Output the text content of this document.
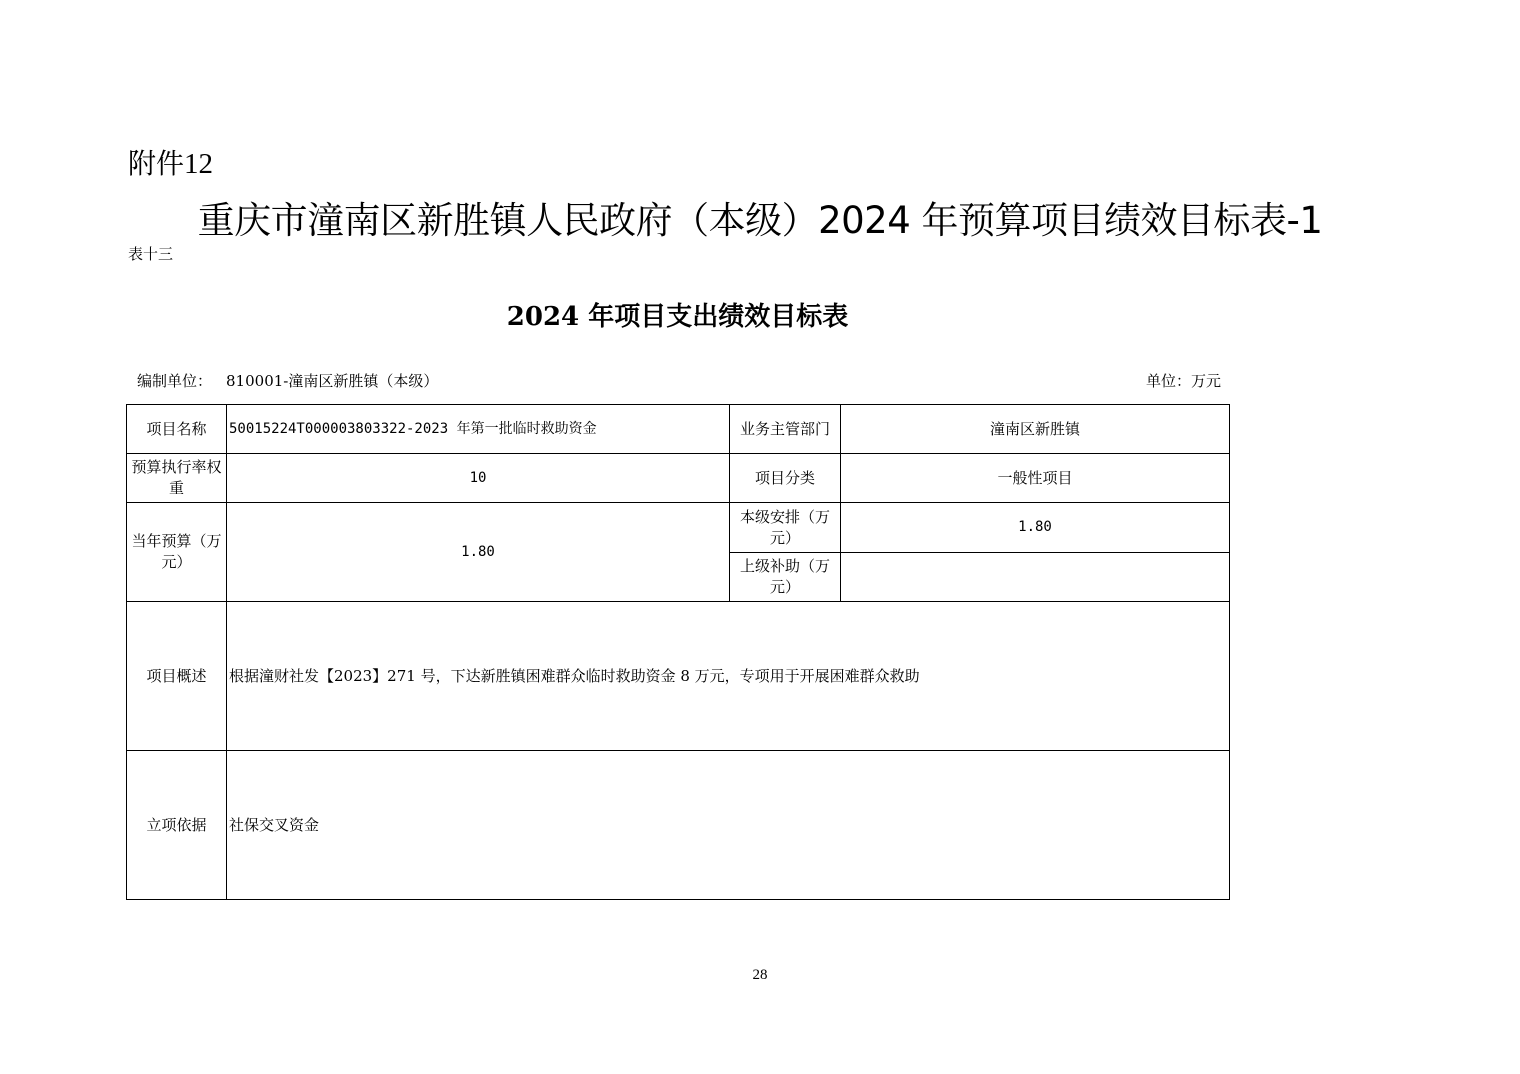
附件12
重庆市潼南区新胜镇人民政府（本级）2024 年预算项目绩效目标表-1
表十三
2024 年项目支出绩效目标表
编制单位： 810001-潼南区新胜镇（本级）	单位：万元
项目名称	50015224T000003803322-2023 年第一批临时救助资金	业务主管部门	潼南区新胜镇
预算执行率权重	10	项目分类	一般性项目
当年预算（万元）	1.80	本级安排（万元）	1.80
		上级补助（万元）	
项目概述	根据潼财社发【2023】271 号，下达新胜镇困难群众临时救助资金 8 万元，专项用于开展困难群众救助		
立项依据	社保交叉资金		
28
